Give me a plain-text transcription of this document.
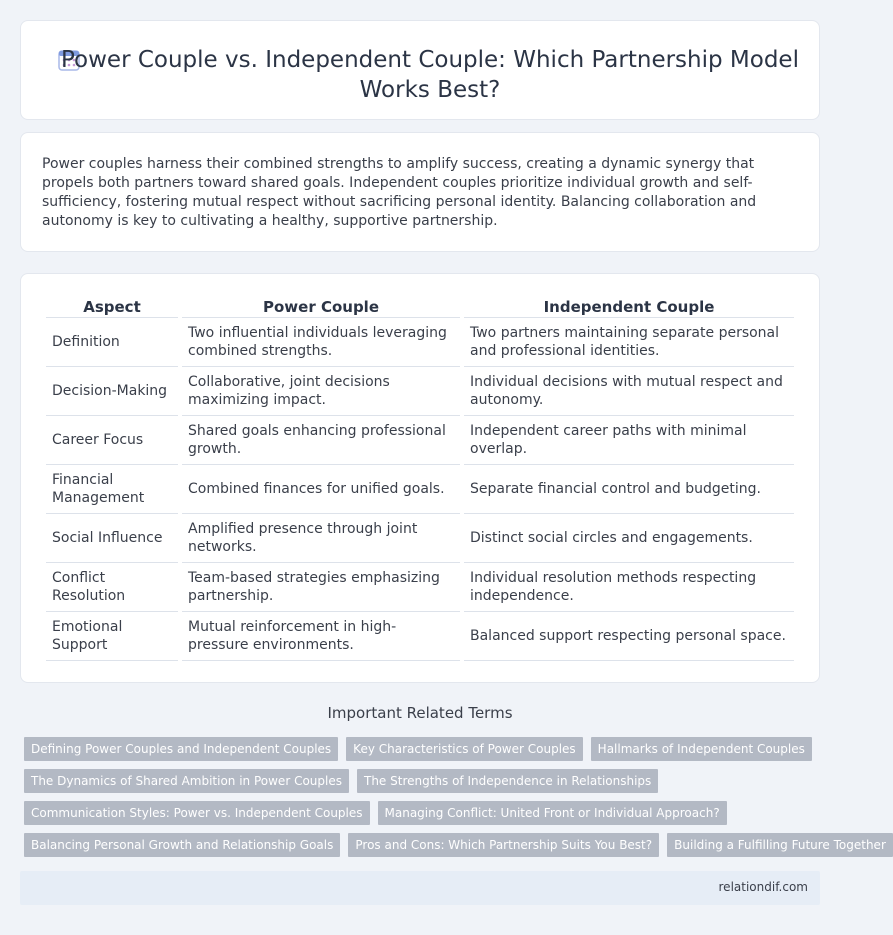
Power Couple vs. Independent Couple: Which Partnership Model Works Best?

Power couples harness their combined strengths to amplify success, creating a dynamic synergy that propels both partners toward shared goals. Independent couples prioritize individual growth and self-sufficiency, fostering mutual respect without sacrificing personal identity. Balancing collaboration and autonomy is key to cultivating a healthy, supportive partnership.

Aspect	Power Couple	Independent Couple
Definition	Two influential individuals leveraging combined strengths.	Two partners maintaining separate personal and professional identities.
Decision-Making	Collaborative, joint decisions maximizing impact.	Individual decisions with mutual respect and autonomy.
Career Focus	Shared goals enhancing professional growth.	Independent career paths with minimal overlap.
Financial Management	Combined finances for unified goals.	Separate financial control and budgeting.
Social Influence	Amplified presence through joint networks.	Distinct social circles and engagements.
Conflict Resolution	Team-based strategies emphasizing partnership.	Individual resolution methods respecting independence.
Emotional Support	Mutual reinforcement in high-pressure environments.	Balanced support respecting personal space.
Important Related Terms
Defining Power Couples and Independent Couples	Key Characteristics of Power Couples	Hallmarks of Independent Couples
The Dynamics of Shared Ambition in Power Couples	The Strengths of Independence in Relationships
Communication Styles: Power vs. Independent Couples	Managing Conflict: United Front or Individual Approach?
Balancing Personal Growth and Relationship Goals	Pros and Cons: Which Partnership Suits You Best?	Building a Fulfilling Future Together
relationdif.com
